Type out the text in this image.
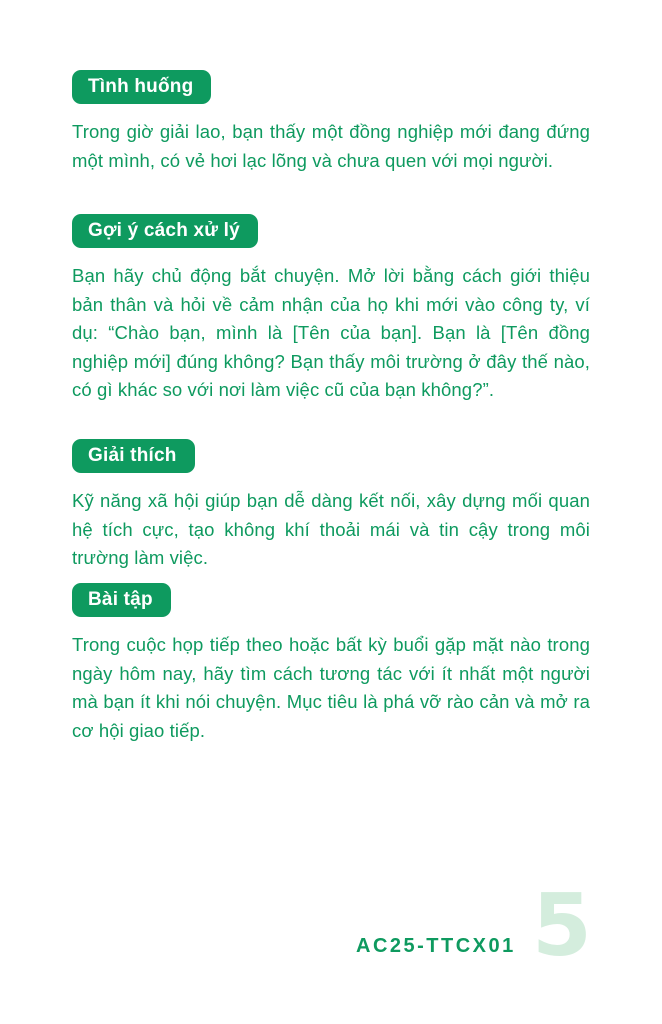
Tình huống

Trong giờ giải lao, bạn thấy một đồng nghiệp mới đang đứng một mình, có vẻ hơi lạc lõng và chưa quen với mọi người.

Gợi ý cách xử lý

Bạn hãy chủ động bắt chuyện. Mở lời bằng cách giới thiệu bản thân và hỏi về cảm nhận của họ khi mới vào công ty, ví dụ: “Chào bạn, mình là [Tên của bạn]. Bạn là [Tên đồng nghiệp mới] đúng không? Bạn thấy môi trường ở đây thế nào, có gì khác so với nơi làm việc cũ của bạn không?”.

Giải thích

Kỹ năng xã hội giúp bạn dễ dàng kết nối, xây dựng mối quan hệ tích cực, tạo không khí thoải mái và tin cậy trong môi trường làm việc.

Bài tập

Trong cuộc họp tiếp theo hoặc bất kỳ buổi gặp mặt nào trong ngày hôm nay, hãy tìm cách tương tác với ít nhất một người mà bạn ít khi nói chuyện. Mục tiêu là phá vỡ rào cản và mở ra cơ hội giao tiếp.

AC25-TTCX01 5
